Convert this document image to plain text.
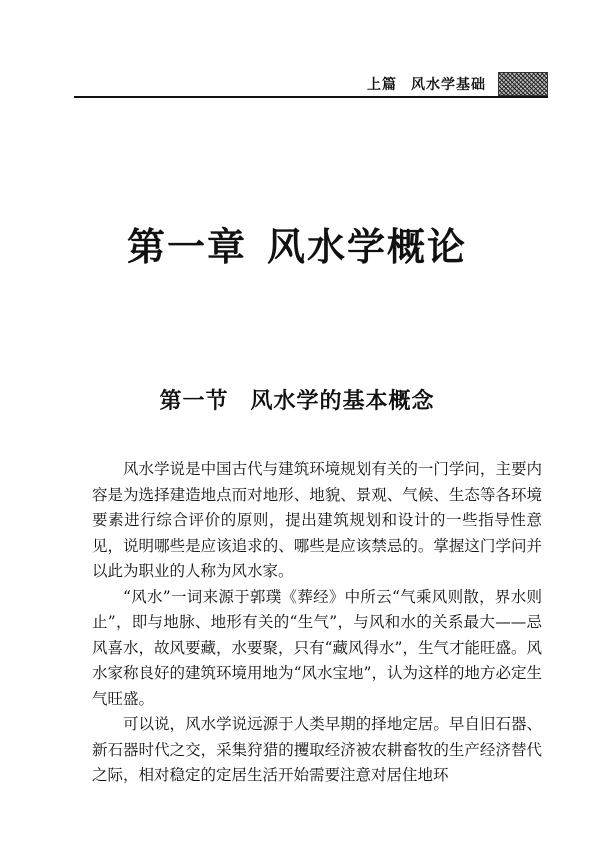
上篇 风水学基础
第一章 风水学概论
第一节 风水学的基本概念

风水学说是中国古代与建筑环境规划有关的一门学问，主要内容是为选择建造地点而对地形、地貌、景观、气候、生态等各环境要素进行综合评价的原则，提出建筑规划和设计的一些指导性意见，说明哪些是应该追求的、哪些是应该禁忌的。掌握这门学问并以此为职业的人称为风水家。

“风水”一词来源于郭璞《葬经》中所云“气乘风则散，界水则止”，即与地脉、地形有关的“生气”，与风和水的关系最大——忌风喜水，故风要藏，水要聚，只有“藏风得水”，生气才能旺盛。风水家称良好的建筑环境用地为“风水宝地”，认为这样的地方必定生气旺盛。

可以说，风水学说远源于人类早期的择地定居。早自旧石器、新石器时代之交，采集狩猎的攫取经济被农耕畜牧的生产经济替代之际，相对稳定的定居生活开始需要注意对居住地环
